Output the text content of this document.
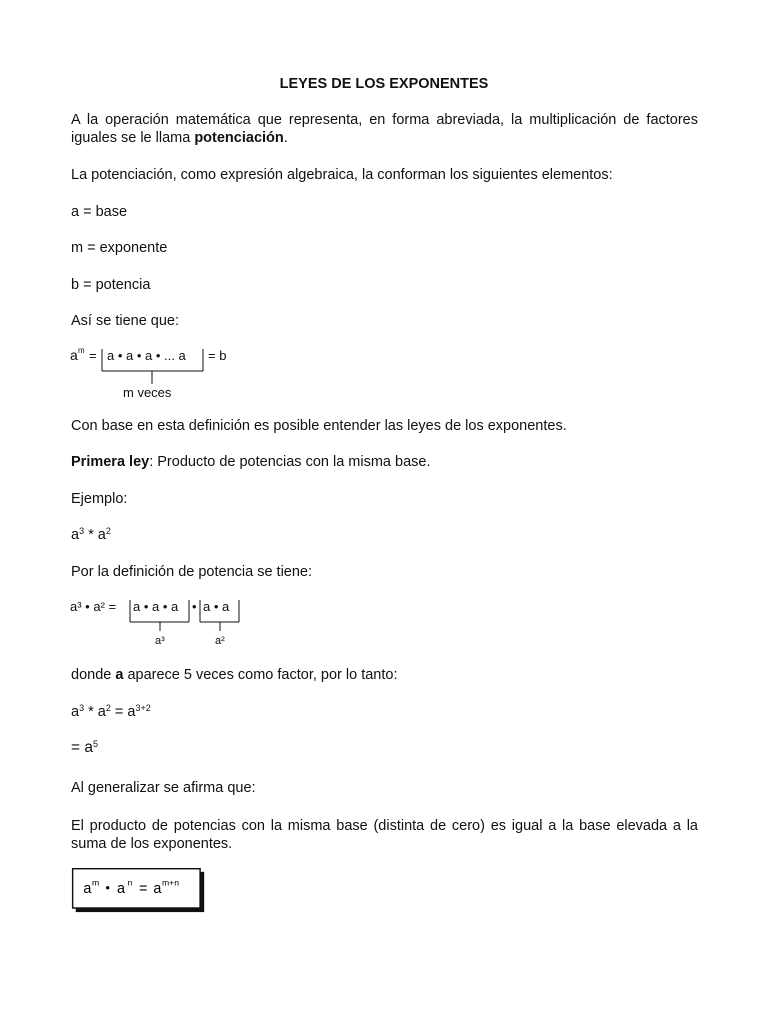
LEYES DE LOS EXPONENTES
A la operación matemática que representa, en forma abreviada, la multiplicación de factores iguales se le llama potenciación.
La potenciación, como expresión algebraica, la conforman los siguientes elementos:
a = base
m = exponente
b = potencia
Así se tiene que:
a m = a • a • a • ... a = b
m veces
Con base en esta definición es posible entender las leyes de los exponentes.
Primera ley: Producto de potencias con la misma base.
Ejemplo:
$a^3 * a^2$
Por la definición de potencia se tiene:
a³ • a² = a • a • a • a • a
a³	a²
donde a aparece 5 veces como factor, por lo tanto:
$a^3 * a^2 = a^{3+2}$
= $a^5$
Al generalizar se afirma que:
El producto de potencias con la misma base (distinta de cero) es igual a la base elevada a la suma de los exponentes.
a m • a n = a m+n
